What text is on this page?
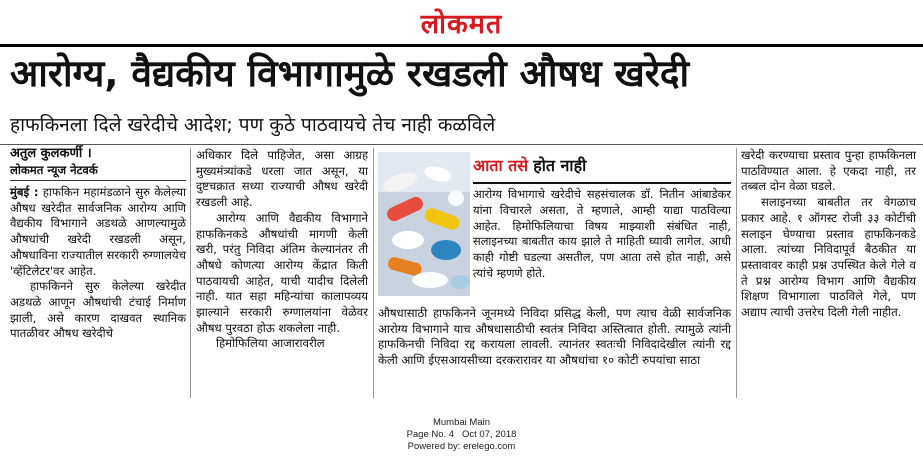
लोकमत
आरोग्य, वैद्यकीय विभागामुळे रखडली औषध खरेदी
हाफकिनला दिले खरेदीचे आदेश; पण कुठे पाठवायचे तेच नाही कळविले
अतुल कुलकर्णी ।
लोकमत न्यूज नेटवर्क

मुंबई : हाफकिन महामंडळाने सुरु केलेल्या औषध खरेदीत सार्वजनिक आरोग्य आणि वैद्यकीय विभागाने अडथळे आणल्यामुळे औषधांची खरेदी रखडली असून, औषधाविना राज्यातील सरकारी रुग्णालयेच 'व्हेंटिलेटर'वर आहेत.

हाफकिनने सुरु केलेल्या खरेदीत अडथळे आणून औषधांची टंचाई निर्माण झाली, असे कारण दाखवत स्थानिक पातळीवर औषध खरेदीचे

अधिकार दिले पाहिजेत, असा आग्रह मुख्यमंत्र्यांकडे धरला जात असून, या दुष्टचक्रात सध्या राज्याची औषध खरेदी रखडली आहे.

आरोग्य आणि वैद्यकीय विभागाने हाफकिनकडे औषधांची मागणी केली खरी, परंतु निविदा अंतिम केल्यानंतर ती औषधे कोणत्या आरोग्य केंद्रात किती पाठवायची आहेत, याची यादीच दिलेली नाही. यात सहा महिन्यांचा कालापव्यय झाल्याने सरकारी रुग्णालयांना वेळेवर औषध पुरवठा होऊ शकलेला नाही.

हिमोफिलिया आजारावरील

आता तसे होत नाही
आरोग्य विभागाचे खरेदीचे सहसंचालक डॉ. नितीन आंबाडेकर यांना विचारले असता, ते म्हणाले, आम्ही याद्या पाठविल्या आहेत. हिमोफिलियाचा विषय माझ्याशी संबंधित नाही, सलाइनच्या बाबतीत काय झाले ते माहिती घ्यावी लागेल. आधी काही गोष्टी घडल्या असतील, पण आता तसे होत नाही, असे त्यांचे म्हणणे होते.

औषधासाठी हाफकिनने जूनमध्ये निविदा प्रसिद्ध केली, पण त्याच वेळी सार्वजनिक आरोग्य विभागाने याच औषधासाठीची स्वतंत्र निविदा अस्तित्वात होती. त्यामुळे त्यांनी हाफकिनची निविदा रद्द करायला लावली. त्यानंतर स्वतःची निविदादेखील त्यांनी रद्द केली आणि ईएसआयसीच्या दरकरारावर या औषधांचा १० कोटी रुपयांचा साठा

खरेदी करण्याचा प्रस्ताव पुन्हा हाफकिनला पाठविण्यात आला. हे एकदा नाही, तर तब्बल दोन वेळा घडले.

सलाइनच्या बाबतीत तर वेगळाच प्रकार आहे. १ ऑगस्ट रोजी ३३ कोटींची सलाइन घेण्याचा प्रस्ताव हाफकिनकडे आला. त्यांच्या निविदापूर्व बैठकीत या प्रस्तावावर काही प्रश्न उपस्थित केले गेले व ते प्रश्न आरोग्य विभाग आणि वैद्यकीय शिक्षण विभागाला पाठविले गेले, पण अद्याप त्याची उत्तरेच दिली गेली नाहीत.

Mumbai Main
Page No. 4   Oct 07, 2018
Powered by: erelego.com
